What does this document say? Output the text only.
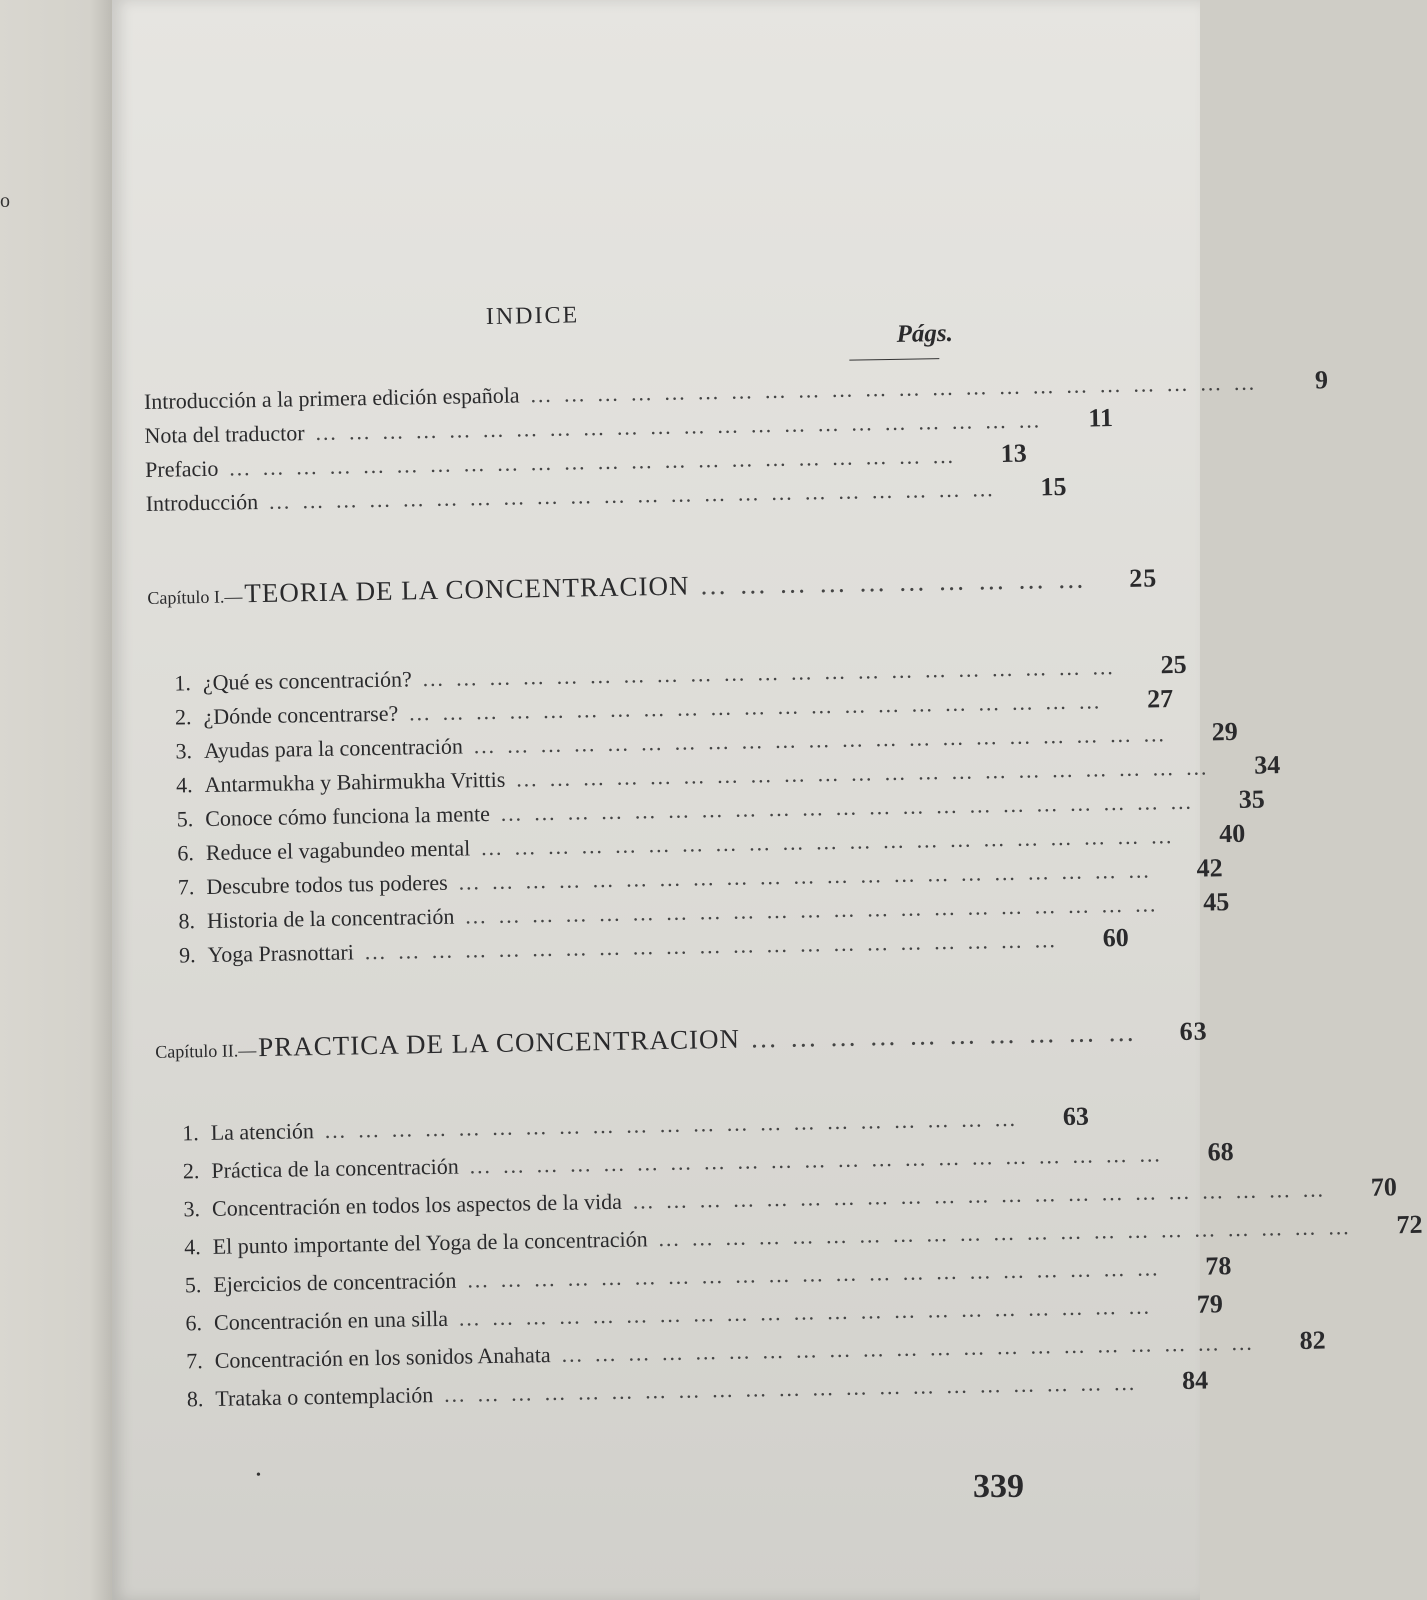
o
INDICE
Págs.
Introducción a la primera edición española … … … … … … … … … … … … … … … … … … … … … …	9
Nota del traductor … … … … … … … … … … … … … … … … … … … … … …	11
Prefacio … … … … … … … … … … … … … … … … … … … … … …	13
Introducción … … … … … … … … … … … … … … … … … … … … … …	15
Capítulo I.—TEORIA DE LA CONCENTRACION … … … … … … … … … …	25
1. ¿Qué es concentración? … … … … … … … … … … … … … … … … … … … … …	25
2. ¿Dónde concentrarse? … … … … … … … … … … … … … … … … … … … … …	27
3. Ayudas para la concentración … … … … … … … … … … … … … … … … … … … … …	29
4. Antarmukha y Bahirmukha Vrittis … … … … … … … … … … … … … … … … … … … … …	34
5. Conoce cómo funciona la mente … … … … … … … … … … … … … … … … … … … … …	35
6. Reduce el vagabundeo mental … … … … … … … … … … … … … … … … … … … … …	40
7. Descubre todos tus poderes … … … … … … … … … … … … … … … … … … … … …	42
8. Historia de la concentración … … … … … … … … … … … … … … … … … … … … …	45
9. Yoga Prasnottari … … … … … … … … … … … … … … … … … … … … …	60
Capítulo II.—PRACTICA DE LA CONCENTRACION … … … … … … … … … …	63
1. La atención … … … … … … … … … … … … … … … … … … … … …	63
2. Práctica de la concentración … … … … … … … … … … … … … … … … … … … … …	68
3. Concentración en todos los aspectos de la vida … … … … … … … … … … … … … … … … … … … … …	70
4. El punto importante del Yoga de la concentración … … … … … … … … … … … … … … … … … … … … …	72
5. Ejercicios de concentración … … … … … … … … … … … … … … … … … … … … …	78
6. Concentración en una silla … … … … … … … … … … … … … … … … … … … … …	79
7. Concentración en los sonidos Anahata … … … … … … … … … … … … … … … … … … … … …	82
8. Trataka o contemplación … … … … … … … … … … … … … … … … … … … … …	84
•	339
